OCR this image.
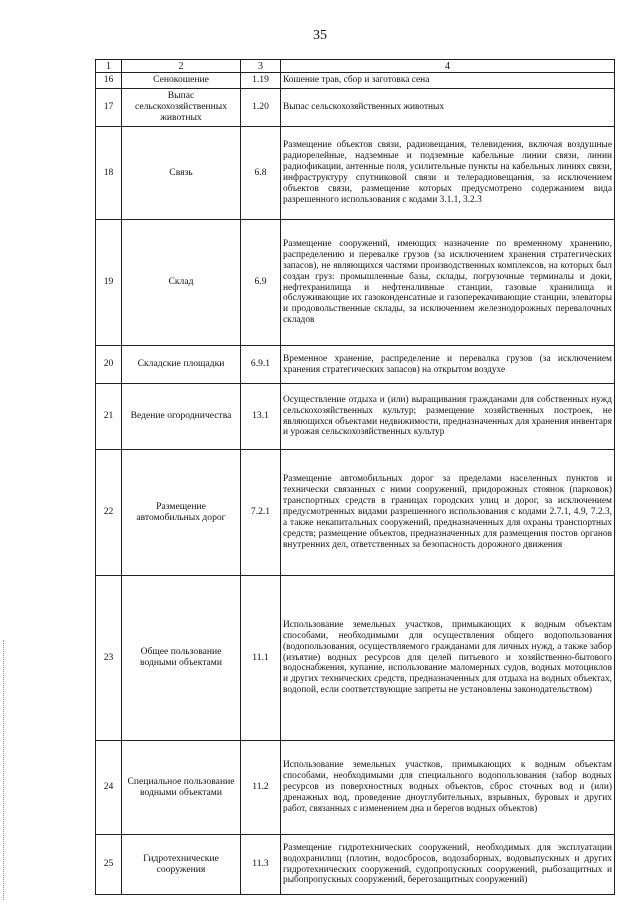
35
1	2	3	4
16	Сенокошение	1.19	Кошение трав, сбор и заготовка сена
17	Выпас сельскохозяйственных животных	1.20	Выпас сельскохозяйственных животных
18	Связь	6.8	Размещение объектов связи, радиовещания, телевидения, включая воздушные радиорелейные, надземные и подземные кабельные линии связи, линии радиофикации, антенные поля, усилительные пункты на кабельных линиях связи, инфраструктуру спутниковой связи и телерадиовещания, за исключением объектов связи, размещение которых предусмотрено содержанием вида разрешенного использования с кодами 3.1.1, 3.2.3
19	Склад	6.9	Размещение сооружений, имеющих назначение по временному хранению, распределению и перевалке грузов (за исключением хранения стратегических запасов), не являющихся частями производственных комплексов, на которых был создан груз: промышленные базы, склады, погрузочные терминалы и доки, нефтехранилища и нефтеналивные станции, газовые хранилища и обслуживающие их газоконденсатные и газоперекачивающие станции, элеваторы и продовольственные склады, за исключением железнодорожных перевалочных складов
20	Складские площадки	6.9.1	Временное хранение, распределение и перевалка грузов (за исключением хранения стратегических запасов) на открытом воздухе
21	Ведение огородничества	13.1	Осуществление отдыха и (или) выращивания гражданами для собственных нужд сельскохозяйственных культур; размещение хозяйственных построек, не являющихся объектами недвижимости, предназначенных для хранения инвентаря и урожая сельскохозяйственных культур
22	Размещение автомобильных дорог	7.2.1	Размещение автомобильных дорог за пределами населенных пунктов и технически связанных с ними сооружений, придорожных стоянок (парковок) транспортных средств в границах городских улиц и дорог, за исключением предусмотренных видами разрешенного использования с кодами 2.7.1, 4.9, 7.2.3, а также некапитальных сооружений, предназначенных для охраны транспортных средств; размещение объектов, предназначенных для размещения постов органов внутренних дел, ответственных за безопасность дорожного движения
23	Общее пользование водными объектами	11.1	Использование земельных участков, примыкающих к водным объектам способами, необходимыми для осуществления общего водопользования (водопользования, осуществляемого гражданами для личных нужд, а также забор (изъятие) водных ресурсов для целей питьевого и хозяйственно-бытового водоснабжения, купание, использование маломерных судов, водных мотоциклов и других технических средств, предназначенных для отдыха на водных объектах, водопой, если соответствующие запреты не установлены законодательством)
24	Специальное пользование водными объектами	11.2	Использование земельных участков, примыкающих к водным объектам способами, необходимыми для специального водопользования (забор водных ресурсов из поверхностных водных объектов, сброс сточных вод и (или) дренажных вод, проведение дноуглубительных, взрывных, буровых и других работ, связанных с изменением дна и берегов водных объектов)
25	Гидротехнические сооружения	11.3	Размещение гидротехнических сооружений, необходимых для эксплуатации водохранилищ (плотин, водосбросов, водозаборных, водовыпускных и других гидротехнических сооружений, судопропускных сооружений, рыбозащитных и рыбопропускных сооружений, берегозащитных сооружений)
